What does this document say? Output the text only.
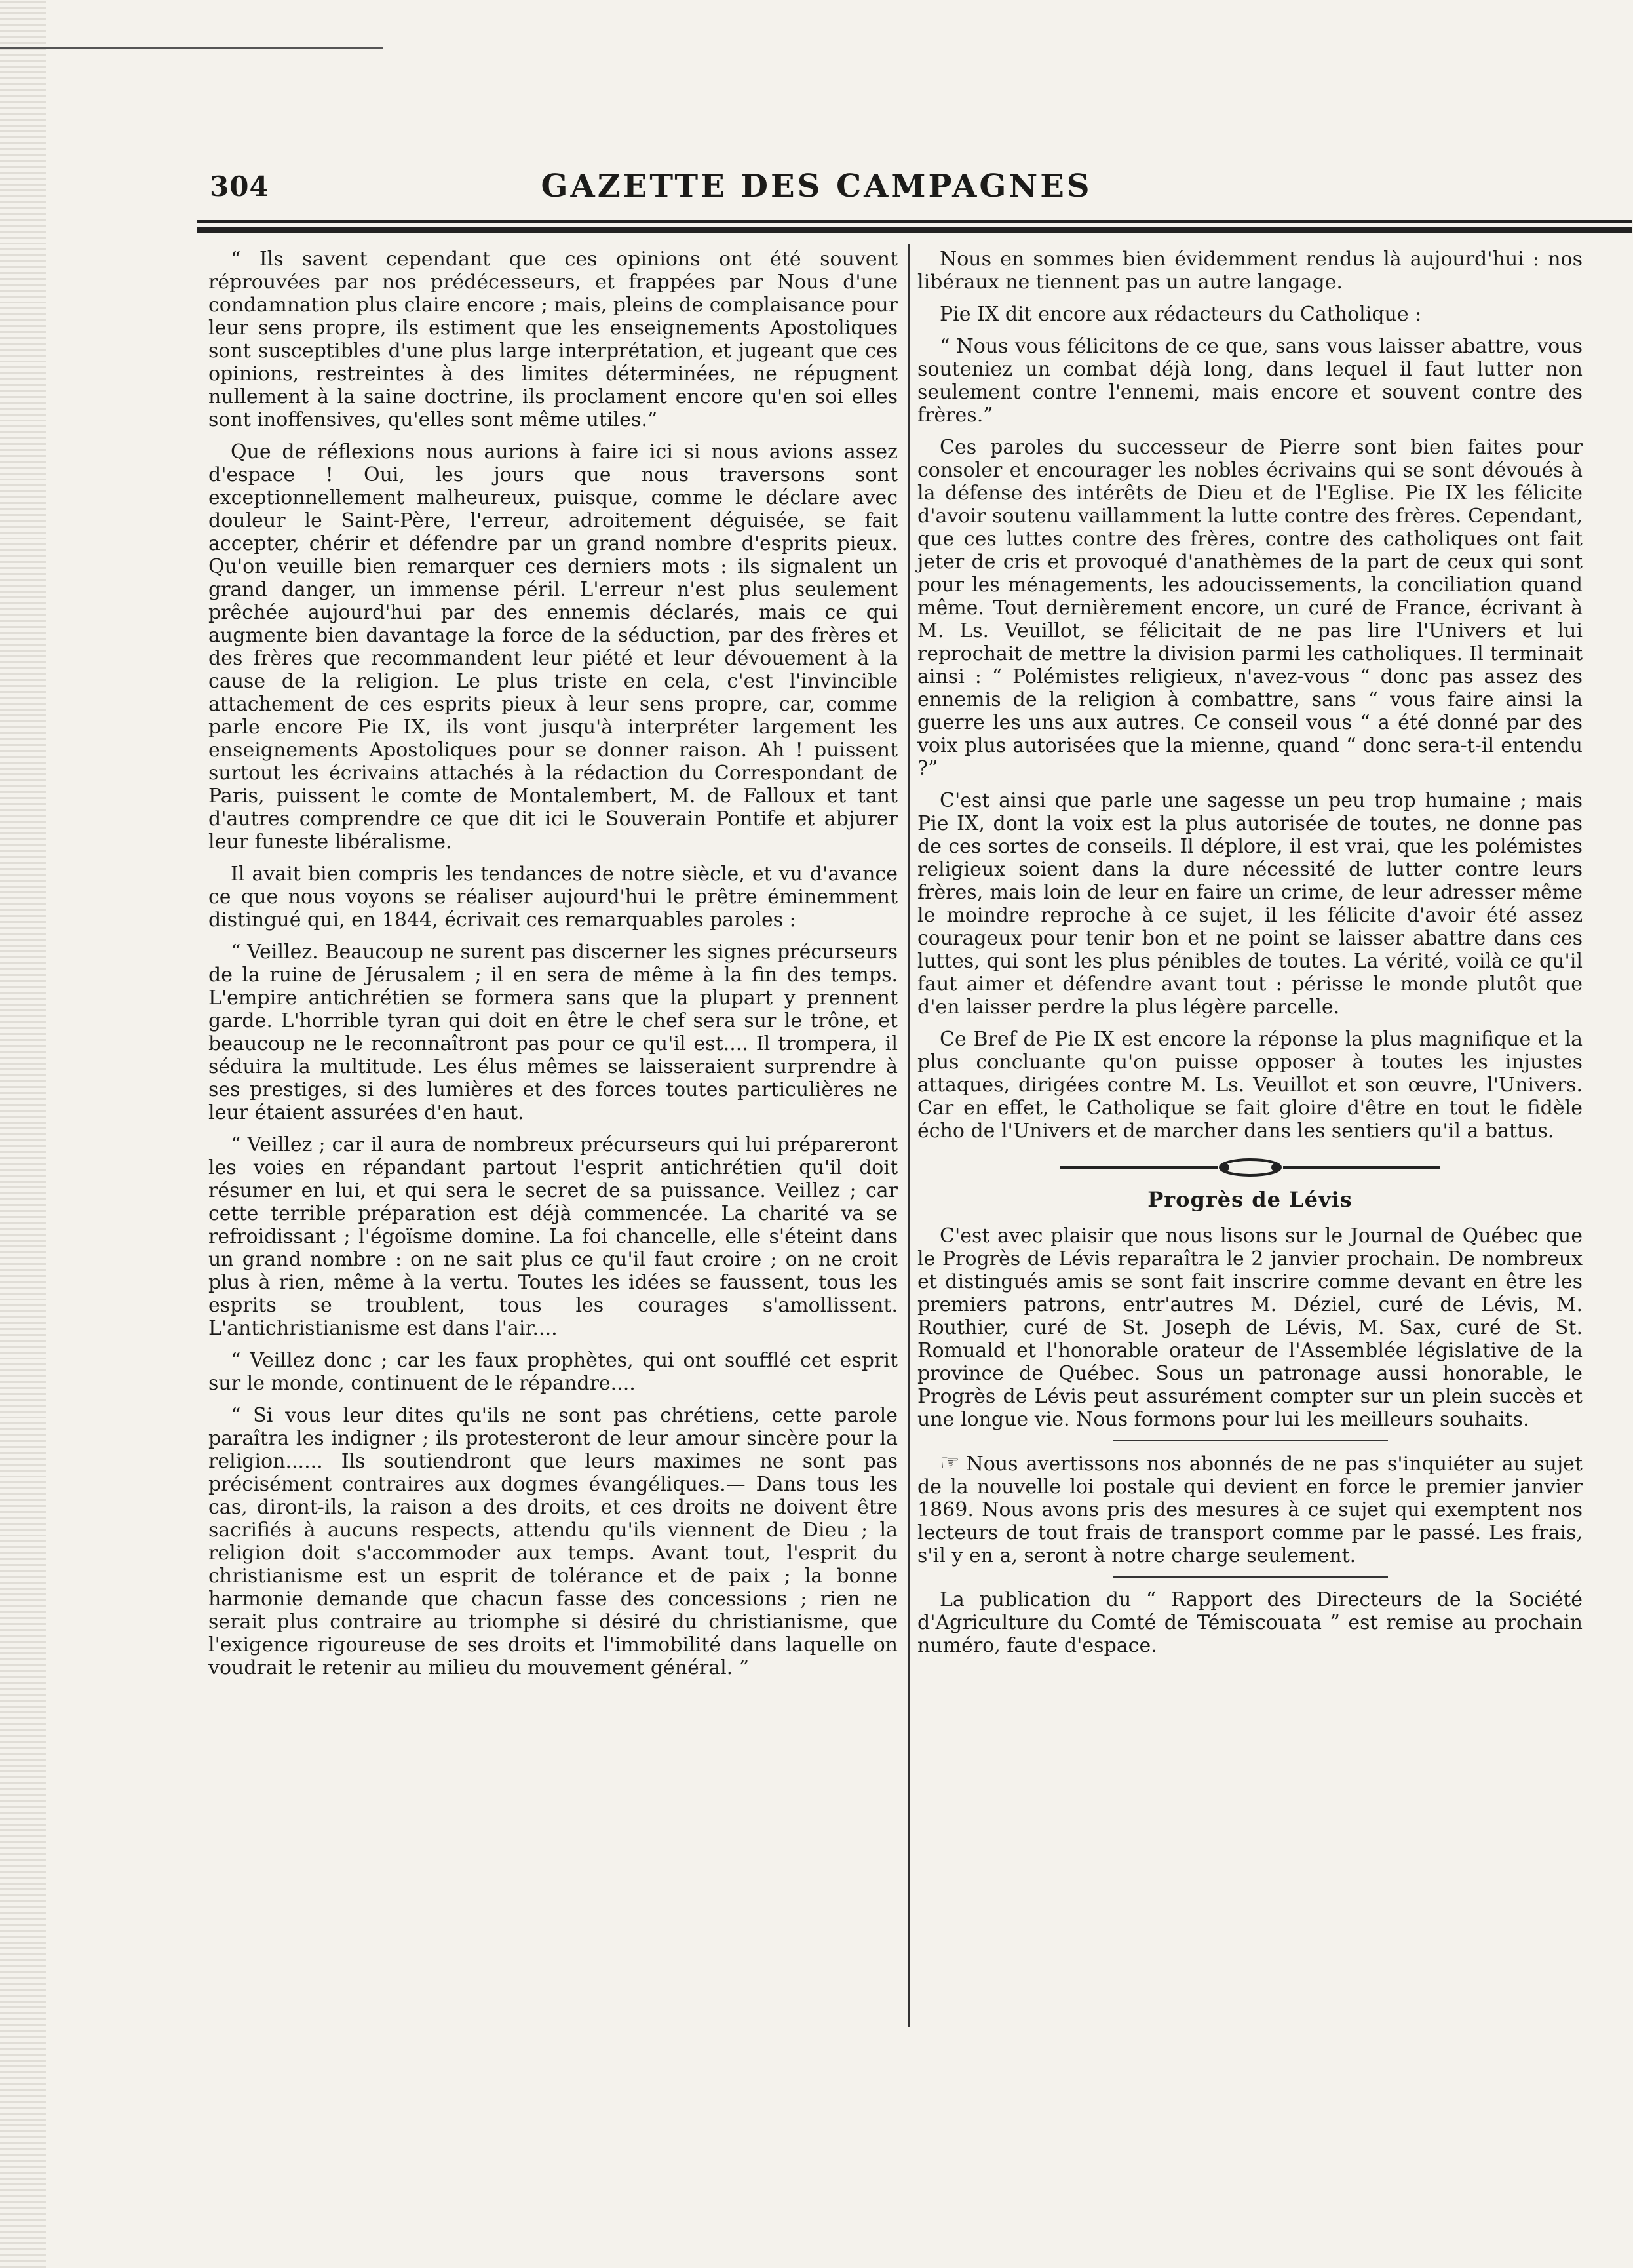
304	GAZETTE DES CAMPAGNES

“ Ils savent cependant que ces opinions ont été souvent réprouvées par nos prédécesseurs, et frappées par Nous d'une condamnation plus claire encore ; mais, pleins de complaisance pour leur sens propre, ils estiment que les enseignements Apostoliques sont susceptibles d'une plus large interprétation, et jugeant que ces opinions, restreintes à des limites déterminées, ne répugnent nullement à la saine doctrine, ils proclament encore qu'en soi elles sont inoffensives, qu'elles sont même utiles.”

Que de réflexions nous aurions à faire ici si nous avions assez d'espace ! Oui, les jours que nous traversons sont exceptionnellement malheureux, puisque, comme le déclare avec douleur le Saint-Père, l'erreur, adroitement déguisée, se fait accepter, chérir et défendre par un grand nombre d'esprits pieux. Qu'on veuille bien remarquer ces derniers mots : ils signalent un grand danger, un immense péril. L'erreur n'est plus seulement prêchée aujourd'hui par des ennemis déclarés, mais ce qui augmente bien davantage la force de la séduction, par des frères et des frères que recommandent leur piété et leur dévouement à la cause de la religion. Le plus triste en cela, c'est l'invincible attachement de ces esprits pieux à leur sens propre, car, comme parle encore Pie IX, ils vont jusqu'à interpréter largement les enseignements Apostoliques pour se donner raison. Ah ! puissent surtout les écrivains attachés à la rédaction du Correspondant de Paris, puissent le comte de Montalembert, M. de Falloux et tant d'autres comprendre ce que dit ici le Souverain Pontife et abjurer leur funeste libéralisme.

Il avait bien compris les tendances de notre siècle, et vu d'avance ce que nous voyons se réaliser aujourd'hui le prêtre éminemment distingué qui, en 1844, écrivait ces remarquables paroles :

“ Veillez. Beaucoup ne surent pas discerner les signes précurseurs de la ruine de Jérusalem ; il en sera de même à la fin des temps. L'empire antichrétien se formera sans que la plupart y prennent garde. L'horrible tyran qui doit en être le chef sera sur le trône, et beaucoup ne le reconnaîtront pas pour ce qu'il est.... Il trompera, il séduira la multitude. Les élus mêmes se laisseraient surprendre à ses prestiges, si des lumières et des forces toutes particulières ne leur étaient assurées d'en haut.

“ Veillez ; car il aura de nombreux précurseurs qui lui prépareront les voies en répandant partout l'esprit antichrétien qu'il doit résumer en lui, et qui sera le secret de sa puissance. Veillez ; car cette terrible préparation est déjà commencée. La charité va se refroidissant ; l'égoïsme domine. La foi chancelle, elle s'éteint dans un grand nombre : on ne sait plus ce qu'il faut croire ; on ne croit plus à rien, même à la vertu. Toutes les idées se faussent, tous les esprits se troublent, tous les courages s'amollissent. L'antichristianisme est dans l'air....

“ Veillez donc ; car les faux prophètes, qui ont soufflé cet esprit sur le monde, continuent de le répandre....

“ Si vous leur dites qu'ils ne sont pas chrétiens, cette parole paraîtra les indigner ; ils protesteront de leur amour sincère pour la religion...... Ils soutiendront que leurs maximes ne sont pas précisément contraires aux dogmes évangéliques.— Dans tous les cas, diront-ils, la raison a des droits, et ces droits ne doivent être sacrifiés à aucuns respects, attendu qu'ils viennent de Dieu ; la religion doit s'accommoder aux temps. Avant tout, l'esprit du christianisme est un esprit de tolérance et de paix ; la bonne harmonie demande que chacun fasse des concessions ; rien ne serait plus contraire au triomphe si désiré du christianisme, que l'exigence rigoureuse de ses droits et l'immobilité dans laquelle on voudrait le retenir au milieu du mouvement général. ”

Nous en sommes bien évidemment rendus là aujourd'hui : nos libéraux ne tiennent pas un autre langage.

Pie IX dit encore aux rédacteurs du Catholique :

“ Nous vous félicitons de ce que, sans vous laisser abattre, vous souteniez un combat déjà long, dans lequel il faut lutter non seulement contre l'ennemi, mais encore et souvent contre des frères.”

Ces paroles du successeur de Pierre sont bien faites pour consoler et encourager les nobles écrivains qui se sont dévoués à la défense des intérêts de Dieu et de l'Eglise. Pie IX les félicite d'avoir soutenu vaillamment la lutte contre des frères. Cependant, que ces luttes contre des frères, contre des catholiques ont fait jeter de cris et provoqué d'anathèmes de la part de ceux qui sont pour les ménagements, les adoucissements, la conciliation quand même. Tout dernièrement encore, un curé de France, écrivant à M. Ls. Veuillot, se félicitait de ne pas lire l'Univers et lui reprochait de mettre la division parmi les catholiques. Il terminait ainsi : “ Polémistes religieux, n'avez-vous “ donc pas assez des ennemis de la religion à combattre, sans “ vous faire ainsi la guerre les uns aux autres. Ce conseil vous “ a été donné par des voix plus autorisées que la mienne, quand “ donc sera-t-il entendu ?”

C'est ainsi que parle une sagesse un peu trop humaine ; mais Pie IX, dont la voix est la plus autorisée de toutes, ne donne pas de ces sortes de conseils. Il déplore, il est vrai, que les polémistes religieux soient dans la dure nécessité de lutter contre leurs frères, mais loin de leur en faire un crime, de leur adresser même le moindre reproche à ce sujet, il les félicite d'avoir été assez courageux pour tenir bon et ne point se laisser abattre dans ces luttes, qui sont les plus pénibles de toutes. La vérité, voilà ce qu'il faut aimer et défendre avant tout : périsse le monde plutôt que d'en laisser perdre la plus légère parcelle.

Ce Bref de Pie IX est encore la réponse la plus magnifique et la plus concluante qu'on puisse opposer à toutes les injustes attaques, dirigées contre M. Ls. Veuillot et son œuvre, l'Univers. Car en effet, le Catholique se fait gloire d'être en tout le fidèle écho de l'Univers et de marcher dans les sentiers qu'il a battus.

Progrès de Lévis

C'est avec plaisir que nous lisons sur le Journal de Québec que le Progrès de Lévis reparaîtra le 2 janvier prochain. De nombreux et distingués amis se sont fait inscrire comme devant en être les premiers patrons, entr'autres M. Déziel, curé de Lévis, M. Routhier, curé de St. Joseph de Lévis, M. Sax, curé de St. Romuald et l'honorable orateur de l'Assemblée législative de la province de Québec. Sous un patronage aussi honorable, le Progrès de Lévis peut assurément compter sur un plein succès et une longue vie. Nous formons pour lui les meilleurs souhaits.

☞ Nous avertissons nos abonnés de ne pas s'inquiéter au sujet de la nouvelle loi postale qui devient en force le premier janvier 1869. Nous avons pris des mesures à ce sujet qui exemptent nos lecteurs de tout frais de transport comme par le passé. Les frais, s'il y en a, seront à notre charge seulement.

La publication du “ Rapport des Directeurs de la Société d'Agriculture du Comté de Témiscouata ” est remise au prochain numéro, faute d'espace.
